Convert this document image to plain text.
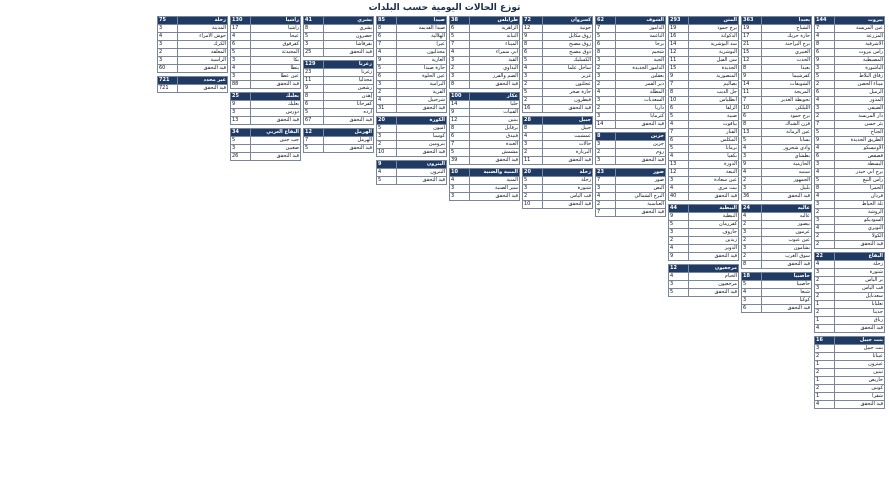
توزع الحالات اليومية حسب البلدات
144	بيروت
7	عين المريسة
4	المزرعة
8	الأشرفية
6	رأس بيروت
9	المصيطبة
3	الباشورة
5	زقاق البلاط
2	ميناء الحصن
6	الرميل
4	المدور
3	الصيفي
2	دار المريسة
7	بئر حسن
5	الجناح
9	الطريق الجديدة
4	الأونيسكو
6	قصقص
3	البسطة
4	برج أبي حيدر
5	رأس النبع
8	الحمرا
4	فردان
3	تلة الخياط
2	الروشة
3	السوديكو
4	النويري
2	الكولا
2	قيد التحقق
22	البقاع
4	زحلة
3	شتورة
2	بر الياس
3	قب الياس
2	سعدنايل
1	تعلبايا
2	جديتا
1	رياق
4	قيد التحقق
16	بنت جبيل
3	بنت جبيل
2	عيناثا
1	عيترون
2	تبنين
1	حاريص
2	كونين
1	شقرا
4	قيد التحقق
363	بعبدا
19	الشياح
17	حارة حريك
21	برج البراجنة
15	الغبيري
12	الحدث
8	بعبدا
9	كفرشيما
14	الشويفات
11	المريجة
7	تحويطة الغدير
10	الليلكي
6	برج حمود
8	فرن الشباك
13	عين الرمانة
5	بسابا
4	وادي شحرور
3	بطشاي
9	الحازمية
4	سبنيه
2	الجمهور
3	بليبل
36	قيد التحقق
24	عاليه
4	عاليه
2	بيصور
3	عرمون
2	عين عنوب
3	بشامون
2	سوق الغرب
8	قيد التحقق
18	حاصبيا
5	حاصبيا
4	شبعا
3	كوكبا
6	قيد التحقق
293	المتن
19	برج حمود
16	الدكوانة
14	سد البوشرية
12	البوشرية
11	سن الفيل
15	الجديدة
9	المنصورية
7	بصاليم
8	جل الديب
10	انطلياس
6	الزلقا
5	ضبية
4	بياقوت
7	الفنار
6	المكلس
5	برمانا
4	بكفيا
13	الدورة
12	النبعة
3	عين سعادة
4	بيت مري
40	قيد التحقق
44	النبطية
9	النبطية
5	كفررمان
3	حاروف
2	زبدين
4	الدوير
9	قيد التحقق
12	مرجعيون
4	الخيام
3	مرجعيون
5	قيد التحقق
62	الشوف
7	الدامور
5	الناعمة
6	برجا
8	شحيم
3	الجية
2	الدامور الجديدة
3	بعقلين
2	دير القمر
4	المطلة
3	السعديات
2	داريا
3	كترمايا
14	قيد التحقق
8	جزين
3	جزين
2	روم
3	قيد التحقق
23	صور
7	صور
3	البص
4	البرج الشمالي
2	العباسية
7	قيد التحقق
72	كسروان
12	جونية
9	زوق مكايل
8	زوق مصبح
6	ذوق مصبح
5	الكسليك
4	ساحل علما
3	غزير
2	عجلتون
5	حارة صخر
2	فيطرون
16	قيد التحقق
28	جبيل
8	جبيل
4	عمشيت
3	حالات
2	البربارة
11	قيد التحقق
20	زحلة
5	زحلة
3	شتورة
2	قب الياس
10	قيد التحقق
38	طرابلس
6	الزاهرية
5	التبانة
7	الميناء
4	أبي سمراء
3	القبة
2	البداوي
3	الضم والفرز
8	قيد التحقق
100	عكار
14	حلبا
9	القبيات
12	ببنين
8	برقايل
6	فنيدق
7	العبدة
5	مشمش
39	قيد التحقق
10	المنية والضنية
4	المنية
3	سير الضنية
3	قيد التحقق
85	صيدا
8	صيدا القديمة
6	الهلالية
7	عبرا
4	مجدليون
9	الغازية
5	حارة صيدا
6	عين الحلوة
3	البرامية
2	القرية
4	شرحبيل
31	قيد التحقق
20	الكورة
5	أميون
3	كوسبا
2	بترومين
10	قيد التحقق
9	البترون
4	البترون
5	قيد التحقق
41	بشري
8	بشري
5	حصرون
3	بقرقاشا
25	قيد التحقق
129	زغرتا
23	زغرتا
11	مجدليا
9	رشعين
8	إهدن
6	كفرحاتا
5	أرده
67	قيد التحقق
12	الهرمل
7	الهرمل
5	قيد التحقق
130	راشيا
17	راشيا
4	عيحا
6	كفرقوق
5	المحيدثة
3	بكا
4	ينطا
3	عين عطا
88	قيد التحقق
25	بعلبك
9	بعلبك
3	دورس
13	قيد التحقق
34	البقاع الغربي
5	جب جنين
3	صغبين
26	قيد التحقق
75	زحلة
3	المدينة
4	حوش الأمراء
3	الكرك
2	المعلقة
3	الراسية
60	قيد التحقق
721	غير محدد
721	قيد التحقق
